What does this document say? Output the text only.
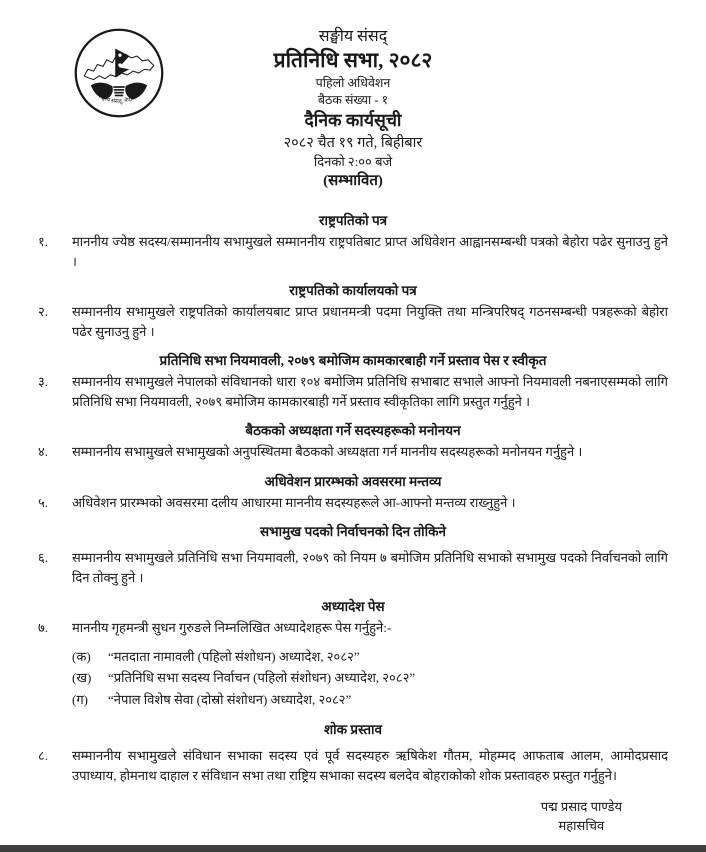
सङ्घीय संसद्, नेपाल

सङ्घीय संसद्

प्रतिनिधि सभा, २०८२

पहिलो अधिवेशन

बैठक संख्या - १

दैनिक कार्यसूची

२०८२ चैत १९ गते, बिहीबार

दिनको २:०० बजे

(सम्भावित)

राष्ट्रपतिको पत्र

१.	माननीय ज्येष्ठ सदस्य/सम्माननीय सभामुखले सम्माननीय राष्ट्रपतिबाट प्राप्त अधिवेशन आह्वानसम्बन्धी पत्रको बेहोरा पढेर सुनाउनु हुने ।

राष्ट्रपतिको कार्यालयको पत्र

२.	सम्माननीय सभामुखले राष्ट्रपतिको कार्यालयबाट प्राप्त प्रधानमन्त्री पदमा नियुक्ति तथा मन्त्रिपरिषद् गठनसम्बन्धी पत्रहरूको बेहोरा पढेर सुनाउनु हुने ।

प्रतिनिधि सभा नियमावली, २०७९ बमोजिम कामकारबाही गर्ने प्रस्ताव पेस र स्वीकृत

३.	सम्माननीय सभामुखले नेपालको संविधानको धारा १०४ बमोजिम प्रतिनिधि सभाबाट सभाले आफ्नो नियमावली नबनाएसम्मको लागि प्रतिनिधि सभा नियमावली, २०७९ बमोजिम कामकारबाही गर्ने प्रस्ताव स्वीकृतिका लागि प्रस्तुत गर्नुहुने ।

बैठकको अध्यक्षता गर्ने सदस्यहरूको मनोनयन

४.	सम्माननीय सभामुखले सभामुखको अनुपस्थितमा बैठकको अध्यक्षता गर्न माननीय सदस्यहरूको मनोनयन गर्नुहुने ।

अधिवेशन प्रारम्भको अवसरमा मन्तव्य

५.	अधिवेशन प्रारम्भको अवसरमा दलीय आधारमा माननीय सदस्यहरूले आ-आफ्नो मन्तव्य राख्नुहुने ।

सभामुख पदको निर्वाचनको दिन तोकिने

६.	सम्माननीय सभामुखले प्रतिनिधि सभा नियमावली, २०७९ को नियम ७ बमोजिम प्रतिनिधि सभाको सभामुख पदको निर्वाचनको लागि दिन तोक्नु हुने ।

अध्यादेश पेस

७.	माननीय गृहमन्त्री सुधन गुरुङले निम्नलिखित अध्यादेशहरू पेस गर्नुहुने:-
(क)	“मतदाता नामावली (पहिलो संशोधन) अध्यादेश, २०८२”
(ख)	“प्रतिनिधि सभा सदस्य निर्वाचन (पहिलो संशोधन) अध्यादेश, २०८२”
(ग)	“नेपाल विशेष सेवा (दोस्रो संशोधन) अध्यादेश, २०८२”

शोक प्रस्ताव

८.	सम्माननीय सभामुखले संविधान सभाका सदस्य एवं पूर्व सदस्यहरु ऋषिकेश गौतम, मोहम्मद आफताब आलम, आमोदप्रसाद उपाध्याय, होमनाथ दाहाल र संविधान सभा तथा राष्ट्रिय सभाका सदस्य बलदेव बोहराकोको शोक प्रस्तावहरु प्रस्तुत गर्नुहुने।

पद्म प्रसाद पाण्डेय

महासचिव
